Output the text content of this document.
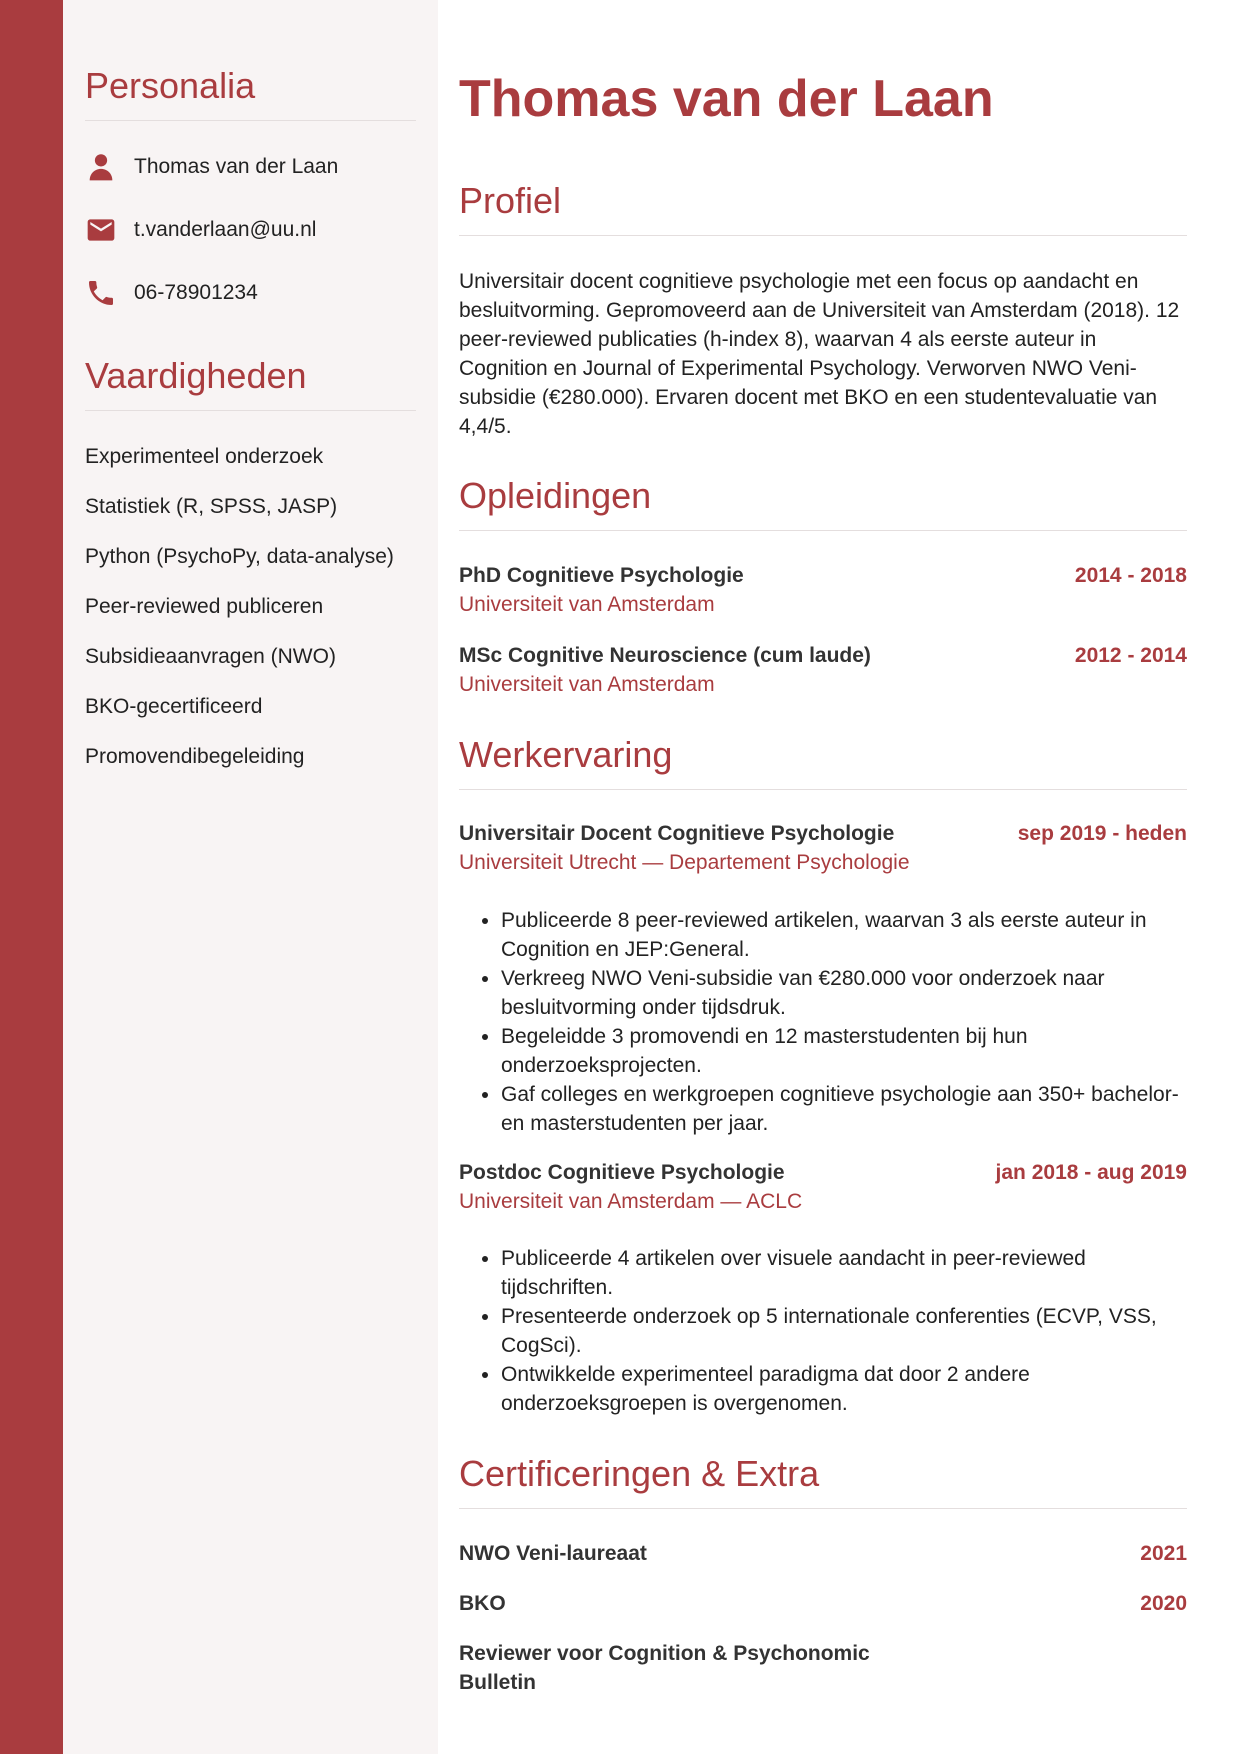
Personalia
Thomas van der Laan
t.vanderlaan@uu.nl
06-78901234
Vaardigheden
Experimenteel onderzoek
Statistiek (R, SPSS, JASP)
Python (PsychoPy, data-analyse)
Peer-reviewed publiceren
Subsidieaanvragen (NWO)
BKO-gecertificeerd
Promovendibegeleiding
Thomas van der Laan
Profiel

Universitair docent cognitieve psychologie met een focus op aandacht en besluitvorming. Gepromoveerd aan de Universiteit van Amsterdam (2018). 12 peer-reviewed publicaties (h-index 8), waarvan 4 als eerste auteur in Cognition en Journal of Experimental Psychology. Verworven NWO Veni-subsidie (€280.000). Ervaren docent met BKO en een studentevaluatie van 4,4/5.

Opleidingen
PhD Cognitieve Psychologie	2014 - 2018
Universiteit van Amsterdam
MSc Cognitive Neuroscience (cum laude)	2012 - 2014
Universiteit van Amsterdam
Werkervaring
Universitair Docent Cognitieve Psychologie	sep 2019 - heden
Universiteit Utrecht — Departement Psychologie
• Publiceerde 8 peer-reviewed artikelen, waarvan 3 als eerste auteur in Cognition en JEP:General.
• Verkreeg NWO Veni-subsidie van €280.000 voor onderzoek naar besluitvorming onder tijdsdruk.
• Begeleidde 3 promovendi en 12 masterstudenten bij hun onderzoeksprojecten.
• Gaf colleges en werkgroepen cognitieve psychologie aan 350+ bachelor- en masterstudenten per jaar.
Postdoc Cognitieve Psychologie	jan 2018 - aug 2019
Universiteit van Amsterdam — ACLC
• Publiceerde 4 artikelen over visuele aandacht in peer-reviewed tijdschriften.
• Presenteerde onderzoek op 5 internationale conferenties (ECVP, VSS, CogSci).
• Ontwikkelde experimenteel paradigma dat door 2 andere onderzoeksgroepen is overgenomen.
Certificeringen & Extra
NWO Veni-laureaat	2021
BKO	2020
Reviewer voor Cognition & Psychonomic Bulletin
